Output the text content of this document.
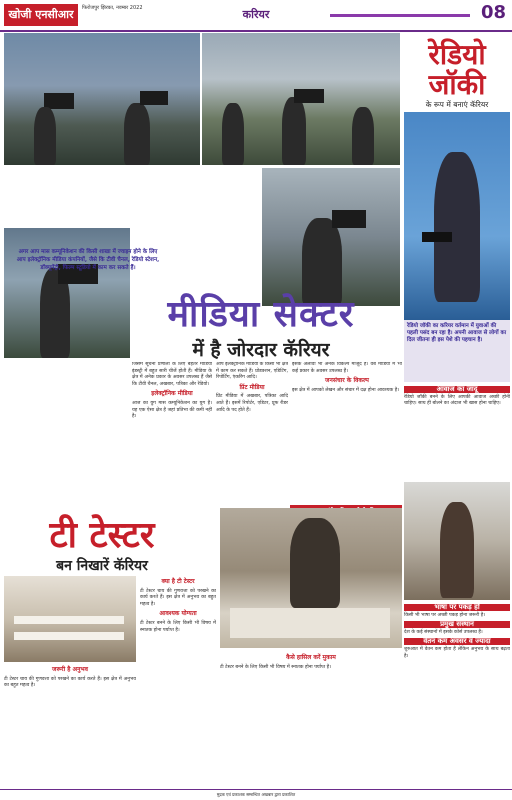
खोजी एनसीआर	फिरोजपुर झिरका, नवम्बर 2022	करियर	08
अगर आप मास कम्यूनिकेशन की किसी शाखा में ज्वाइन होने के लिए आप इलेक्ट्रॉनिक मीडिया कंपनियों, जैसे कि टीवी चैनल, रेडियो स्टेशन, डॉक्यूमेंट्री, फिल्म स्टूडियो में काम कर सकते हैं।
मीडिया सेक्टर
में है जोरदार कॅरियर
जिसमें सूचना प्रणाली के लिए बेहतर मीडिया इंडस्ट्री में बहुत सारी चीजें होती हैं। मीडिया के क्षेत्र में अनेक प्रकार के अवसर उपलब्ध हैं जैसे कि टीवी चैनल, अखबार, पत्रिका और रेडियो।
इलेक्ट्रॉनिक मीडिया
आज का युग मास कम्यूनिकेशन का युग है। यह एक ऐसा क्षेत्र है जहां प्रतिभा की कमी नहीं है।
आप इलेक्ट्रॉनिक मीडिया के किसी भी क्षेत्र में काम कर सकते हैं। प्रोडक्शन, एडिटिंग, रिपोर्टिंग, एंकरिंग आदि।
प्रिंट मीडिया
प्रिंट मीडिया में अखबार, पत्रिका आदि आते हैं। इसमें रिपोर्टर, एडिटर, प्रूफ रीडर आदि के पद होते हैं।
इसके अलावा भी अनेक विकल्प मौजूद हैं। वेब मीडिया में भी कई प्रकार के अवसर उपलब्ध हैं।
जनसंचार के विकल्प
इस क्षेत्र में आपको लेखन और संचार में दक्ष होना आवश्यक है।
रेडियो जॉकी
के रूप में बनाएं कॅरियर
रेडियो जॉकी का करियर वर्तमान में युवाओं की पहली पसंद बन रहा है। अपनी आवाज से लोगों का दिल जीतना ही इस पेशे की पहचान है।
आवाज का जादू
रेडियो जॉकी बनने के लिए आपकी आवाज अच्छी होनी चाहिए। साथ ही बोलने का अंदाज भी खास होना चाहिए।
भाषा पर पकड़ हो
किसी भी भाषा पर अच्छी पकड़ होना जरूरी है।
प्रमुख संस्थान
देश के कई संस्थानों में इसके कोर्स उपलब्ध हैं।
वेतन कम अवसर व ज्यादा
शुरुआत में वेतन कम होता है लेकिन अनुभव के साथ बढ़ता है।
टी टेस्टर
बन निखारें कॅरियर
क्या है टी टेस्टर
टी टेस्टर चाय की गुणवत्ता को परखने का कार्य करते हैं। इस क्षेत्र में अनुभव का बहुत महत्व है।
आवश्यक योग्यता
टी टेस्टर बनने के लिए किसी भी विषय में स्नातक होना पर्याप्त है।
जरूरी है अनुभव
टी टेस्टर चाय की गुणवत्ता को परखने का कार्य करते हैं। इस क्षेत्र में अनुभव का बहुत महत्व है।
कैसे हासिल करें मुकाम
टी टेस्टर बनने के लिए किसी भी विषय में स्नातक होना पर्याप्त है।
मुद्रक एवं प्रकाशक सम्बन्धित अखबार द्वारा प्रकाशित
